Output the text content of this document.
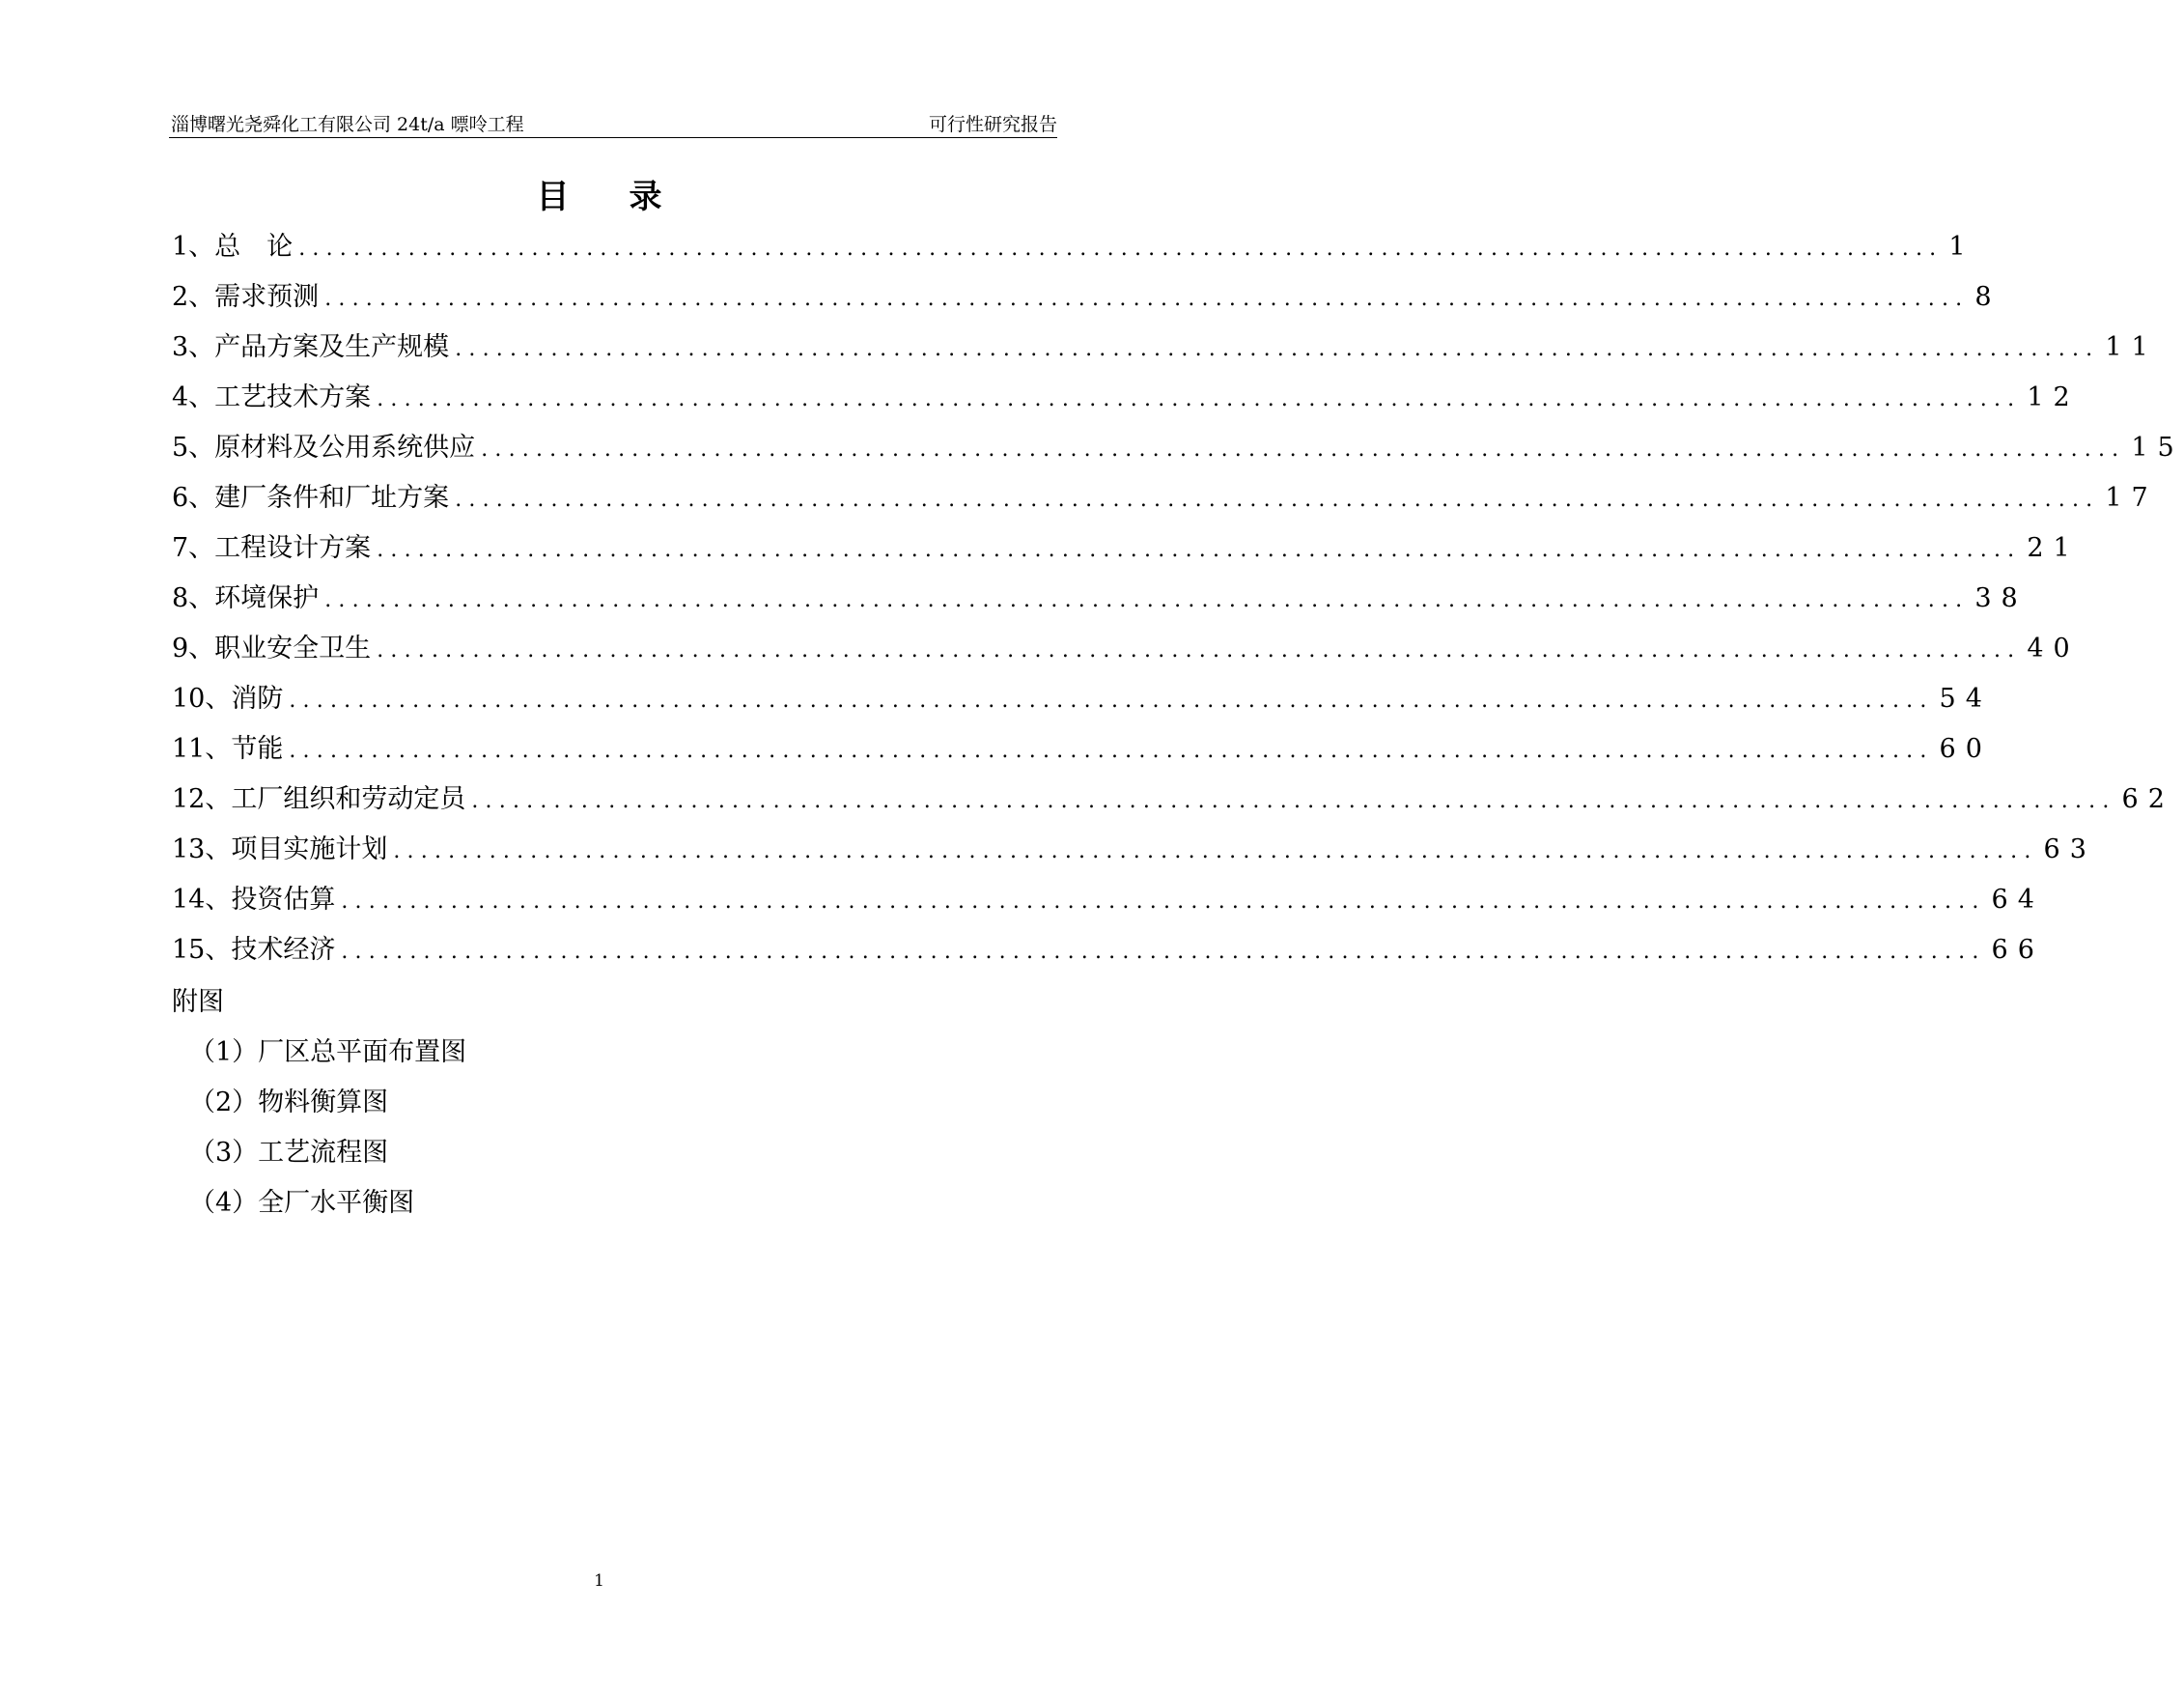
淄博曙光尧舜化工有限公司 24t/a 嘌呤工程	可行性研究报告
目录
1、总　论 ........................................................................................................................ 1
2、需求预测 ........................................................................................................................ 8
3、产品方案及生产规模 ........................................................................................................................ 11
4、工艺技术方案 ........................................................................................................................ 12
5、原材料及公用系统供应 ........................................................................................................................ 15
6、建厂条件和厂址方案 ........................................................................................................................ 17
7、工程设计方案 ........................................................................................................................ 21
8、环境保护 ........................................................................................................................ 38
9、职业安全卫生 ........................................................................................................................ 40
10、消防 ........................................................................................................................ 54
11、节能 ........................................................................................................................ 60
12、工厂组织和劳动定员 ........................................................................................................................ 62
13、项目实施计划 ........................................................................................................................ 63
14、投资估算 ........................................................................................................................ 64
15、技术经济 ........................................................................................................................ 66
附图
（1）厂区总平面布置图
（2）物料衡算图
（3）工艺流程图
（4）全厂水平衡图
1
